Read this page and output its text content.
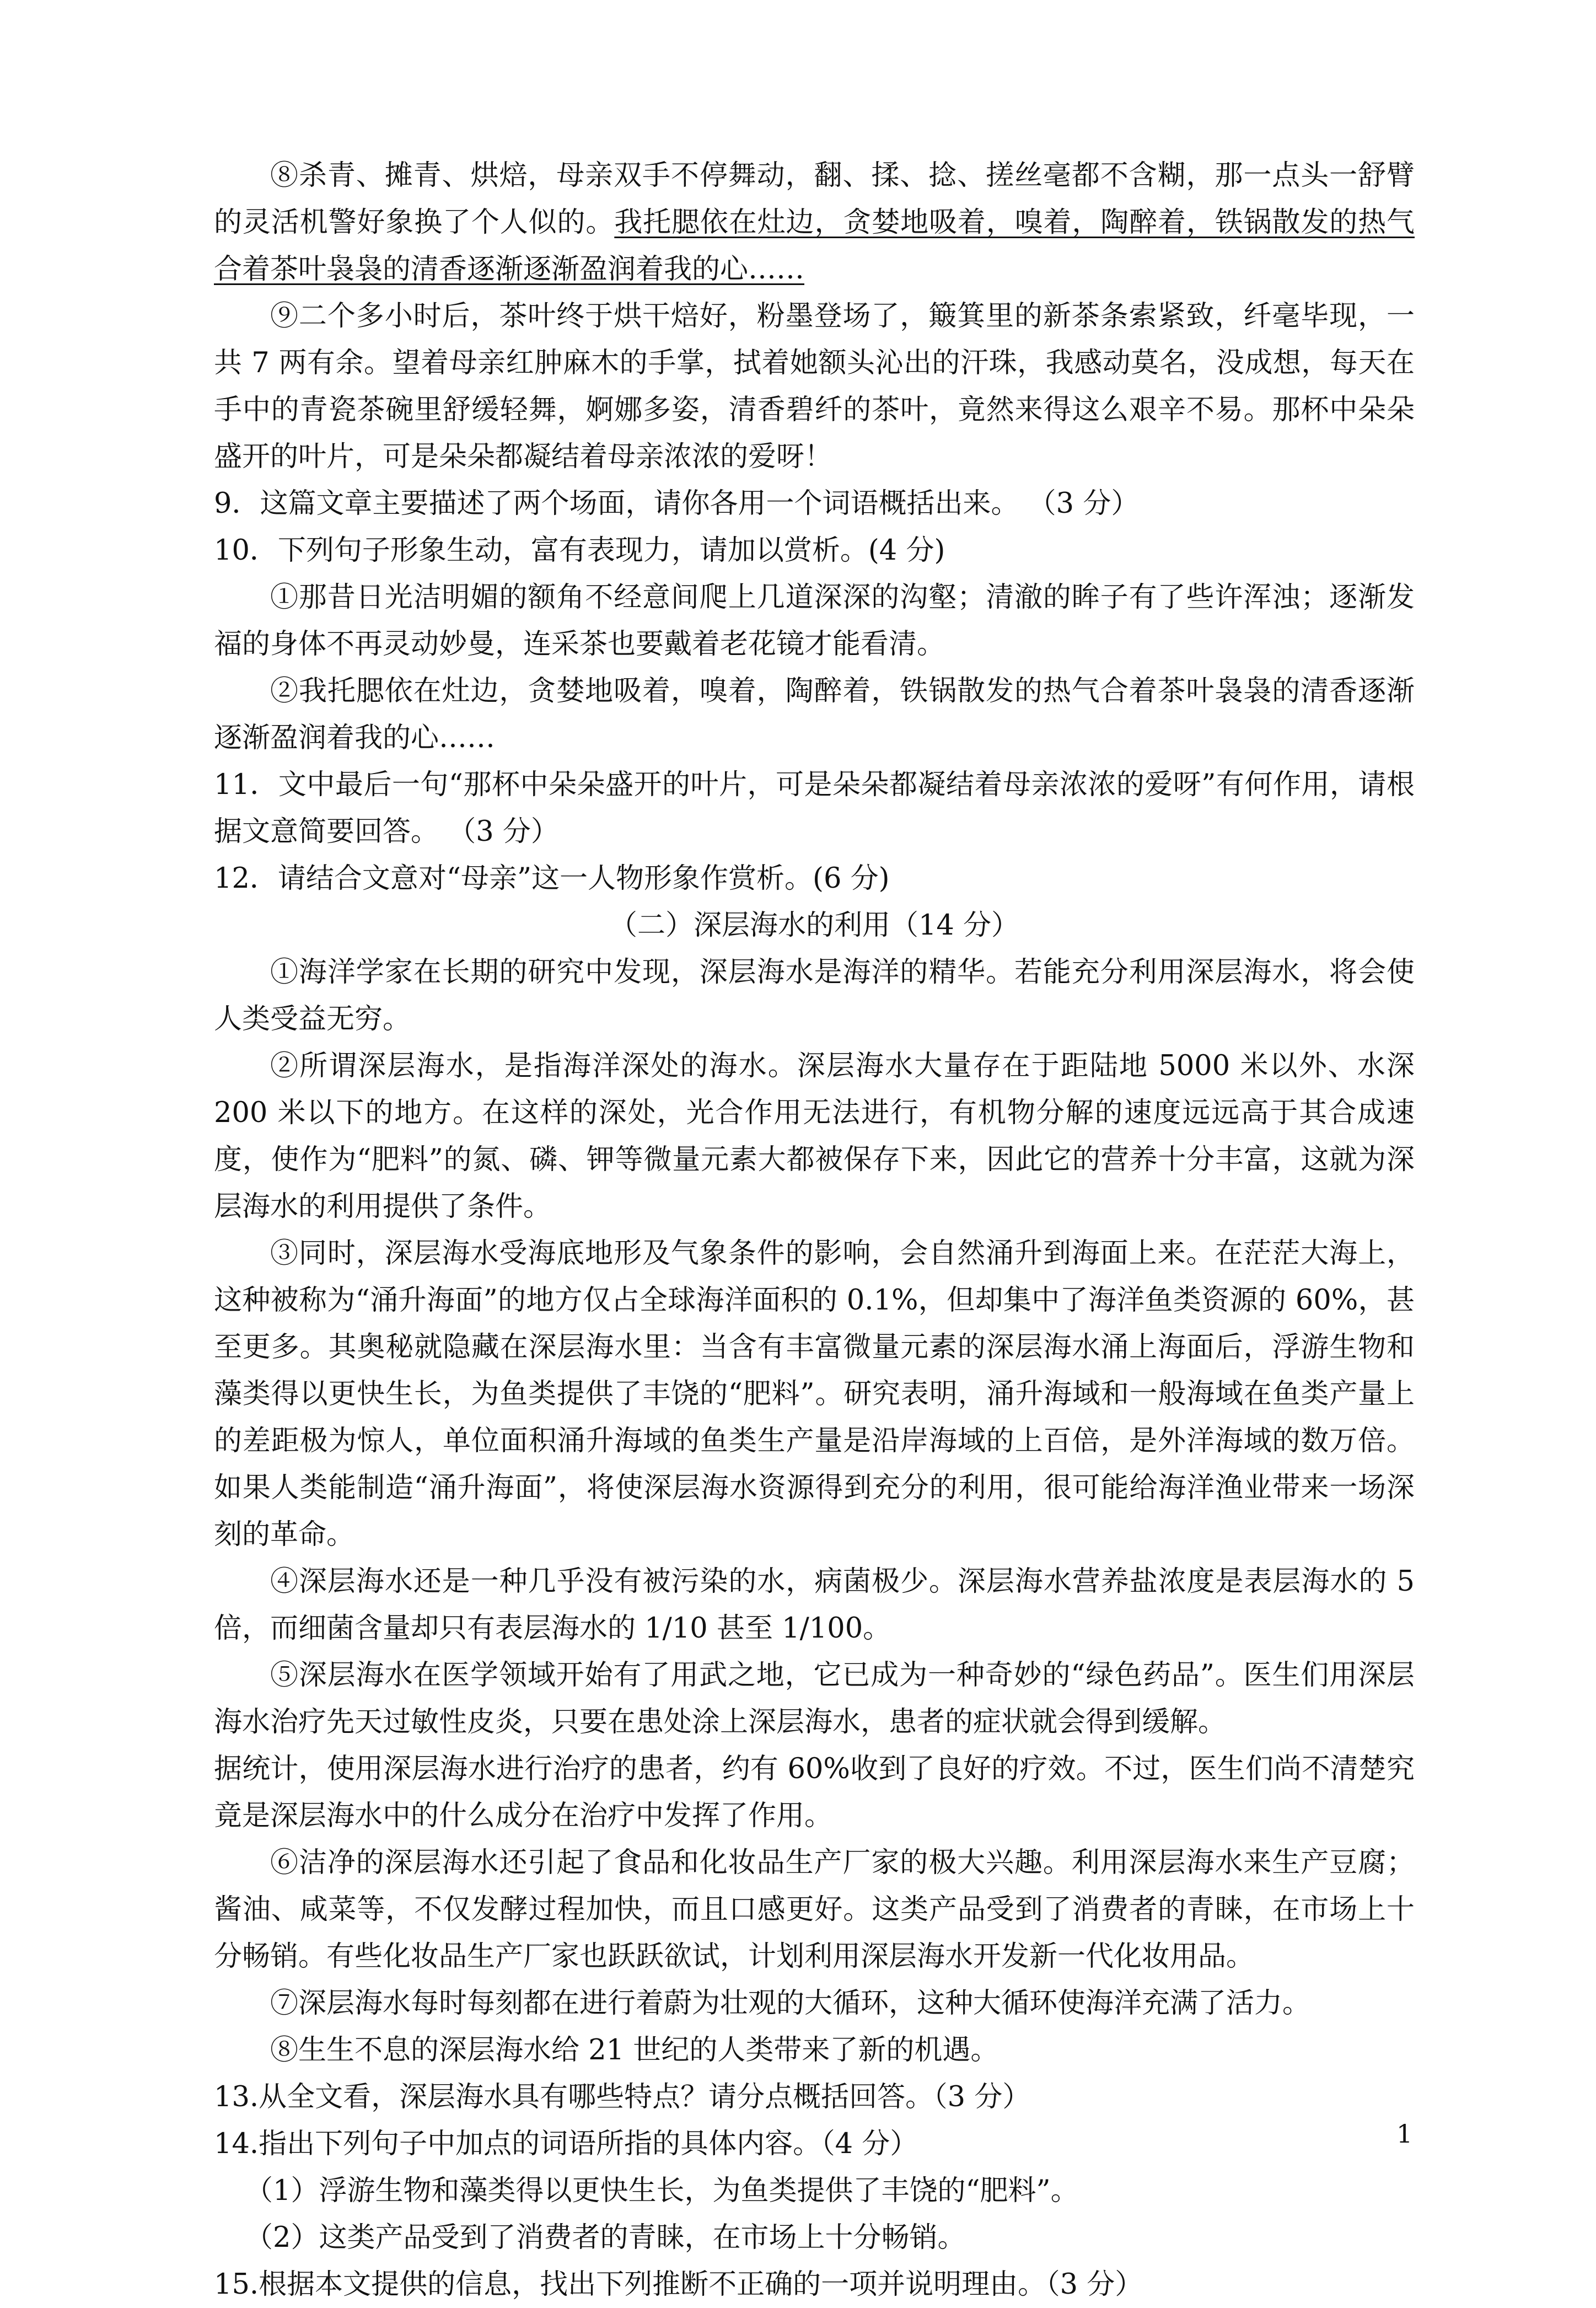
⑧杀青、摊青、烘焙，母亲双手不停舞动，翻、揉、捻、搓丝毫都不含糊，那一点头一舒臂的灵活机警好象换了个人似的。我托腮依在灶边，贪婪地吸着，嗅着，陶醉着，铁锅散发的热气合着茶叶袅袅的清香逐渐逐渐盈润着我的心……

⑨二个多小时后，茶叶终于烘干焙好，粉墨登场了，簸箕里的新茶条索紧致，纤毫毕现，一共 7 两有余。望着母亲红肿麻木的手掌，拭着她额头沁出的汗珠，我感动莫名，没成想，每天在手中的青瓷茶碗里舒缓轻舞，婀娜多姿，清香碧纤的茶叶，竟然来得这么艰辛不易。那杯中朵朵盛开的叶片，可是朵朵都凝结着母亲浓浓的爱呀！

9．这篇文章主要描述了两个场面，请你各用一个词语概括出来。 （3 分）

10．下列句子形象生动，富有表现力，请加以赏析。(4 分)

①那昔日光洁明媚的额角不经意间爬上几道深深的沟壑；清澈的眸子有了些许浑浊；逐渐发福的身体不再灵动妙曼，连采茶也要戴着老花镜才能看清。

②我托腮依在灶边，贪婪地吸着，嗅着，陶醉着，铁锅散发的热气合着茶叶袅袅的清香逐渐逐渐盈润着我的心……

11．文中最后一句“那杯中朵朵盛开的叶片，可是朵朵都凝结着母亲浓浓的爱呀”有何作用，请根据文意简要回答。 （3 分）

12．请结合文意对“母亲”这一人物形象作赏析。(6 分)

（二）深层海水的利用（14 分）

①海洋学家在长期的研究中发现，深层海水是海洋的精华。若能充分利用深层海水，将会使人类受益无穷。

②所谓深层海水，是指海洋深处的海水。深层海水大量存在于距陆地 5000 米以外、水深 200 米以下的地方。在这样的深处，光合作用无法进行，有机物分解的速度远远高于其合成速度，使作为“肥料”的氮、磷、钾等微量元素大都被保存下来，因此它的营养十分丰富，这就为深层海水的利用提供了条件。

③同时，深层海水受海底地形及气象条件的影响，会自然涌升到海面上来。在茫茫大海上，这种被称为“涌升海面”的地方仅占全球海洋面积的 0.1%，但却集中了海洋鱼类资源的 60%，甚至更多。其奥秘就隐藏在深层海水里：当含有丰富微量元素的深层海水涌上海面后，浮游生物和藻类得以更快生长，为鱼类提供了丰饶的“肥料”。研究表明，涌升海域和一般海域在鱼类产量上的差距极为惊人，单位面积涌升海域的鱼类生产量是沿岸海域的上百倍，是外洋海域的数万倍。如果人类能制造“涌升海面”，将使深层海水资源得到充分的利用，很可能给海洋渔业带来一场深刻的革命。

④深层海水还是一种几乎没有被污染的水，病菌极少。深层海水营养盐浓度是表层海水的 5 倍，而细菌含量却只有表层海水的 1/10 甚至 1/100。

⑤深层海水在医学领域开始有了用武之地，它已成为一种奇妙的“绿色药品”。医生们用深层海水治疗先天过敏性皮炎，只要在患处涂上深层海水，患者的症状就会得到缓解。

据统计，使用深层海水进行治疗的患者，约有 60%收到了良好的疗效。不过，医生们尚不清楚究竟是深层海水中的什么成分在治疗中发挥了作用。

⑥洁净的深层海水还引起了食品和化妆品生产厂家的极大兴趣。利用深层海水来生产豆腐；酱油、咸菜等，不仅发酵过程加快，而且口感更好。这类产品受到了消费者的青睐，在市场上十分畅销。有些化妆品生产厂家也跃跃欲试，计划利用深层海水开发新一代化妆用品。

⑦深层海水每时每刻都在进行着蔚为壮观的大循环，这种大循环使海洋充满了活力。

⑧生生不息的深层海水给 21 世纪的人类带来了新的机遇。

13.从全文看，深层海水具有哪些特点？请分点概括回答。（3 分）

14.指出下列句子中加点的词语所指的具体内容。（4 分）

（1）浮游生物和藻类得以更快生长，为鱼类提供了丰饶的“肥料”。

（2）这类产品受到了消费者的青睐，在市场上十分畅销。

15.根据本文提供的信息，找出下列推断不正确的一项并说明理由。（3 分）

1
